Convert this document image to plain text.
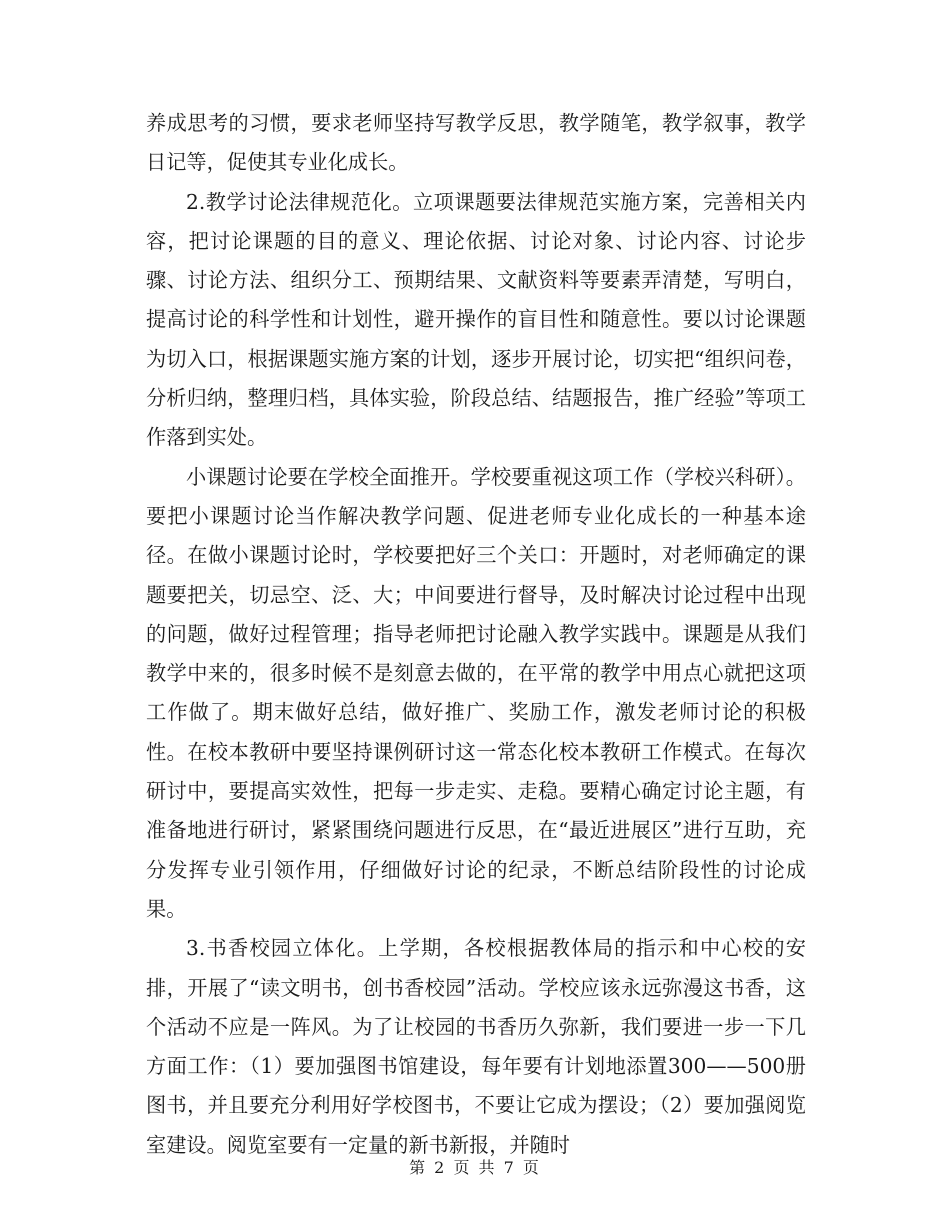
养成思考的习惯，要求老师坚持写教学反思，教学随笔，教学叙事，教学日记等，促使其专业化成长。

2.教学讨论法律规范化。立项课题要法律规范实施方案，完善相关内容，把讨论课题的目的意义、理论依据、讨论对象、讨论内容、讨论步骤、讨论方法、组织分工、预期结果、文献资料等要素弄清楚，写明白，提高讨论的科学性和计划性，避开操作的盲目性和随意性。要以讨论课题为切入口，根据课题实施方案的计划，逐步开展讨论，切实把“组织问卷，分析归纳，整理归档，具体实验，阶段总结、结题报告，推广经验”等项工作落到实处。

小课题讨论要在学校全面推开。学校要重视这项工作（学校兴科研）。要把小课题讨论当作解决教学问题、促进老师专业化成长的一种基本途径。在做小课题讨论时，学校要把好三个关口：开题时，对老师确定的课题要把关，切忌空、泛、大；中间要进行督导，及时解决讨论过程中出现的问题，做好过程管理；指导老师把讨论融入教学实践中。课题是从我们教学中来的，很多时候不是刻意去做的，在平常的教学中用点心就把这项工作做了。期末做好总结，做好推广、奖励工作，激发老师讨论的积极性。在校本教研中要坚持课例研讨这一常态化校本教研工作模式。在每次研讨中，要提高实效性，把每一步走实、走稳。要精心确定讨论主题，有准备地进行研讨，紧紧围绕问题进行反思，在“最近进展区”进行互助，充分发挥专业引领作用，仔细做好讨论的纪录，不断总结阶段性的讨论成果。

3.书香校园立体化。上学期，各校根据教体局的指示和中心校的安排，开展了“读文明书，创书香校园”活动。学校应该永远弥漫这书香，这个活动不应是一阵风。为了让校园的书香历久弥新，我们要进一步一下几方面工作：（1）要加强图书馆建设，每年要有计划地添置300——500册图书，并且要充分利用好学校图书，不要让它成为摆设；（2）要加强阅览室建设。阅览室要有一定量的新书新报，并随时

第 2 页 共 7 页
